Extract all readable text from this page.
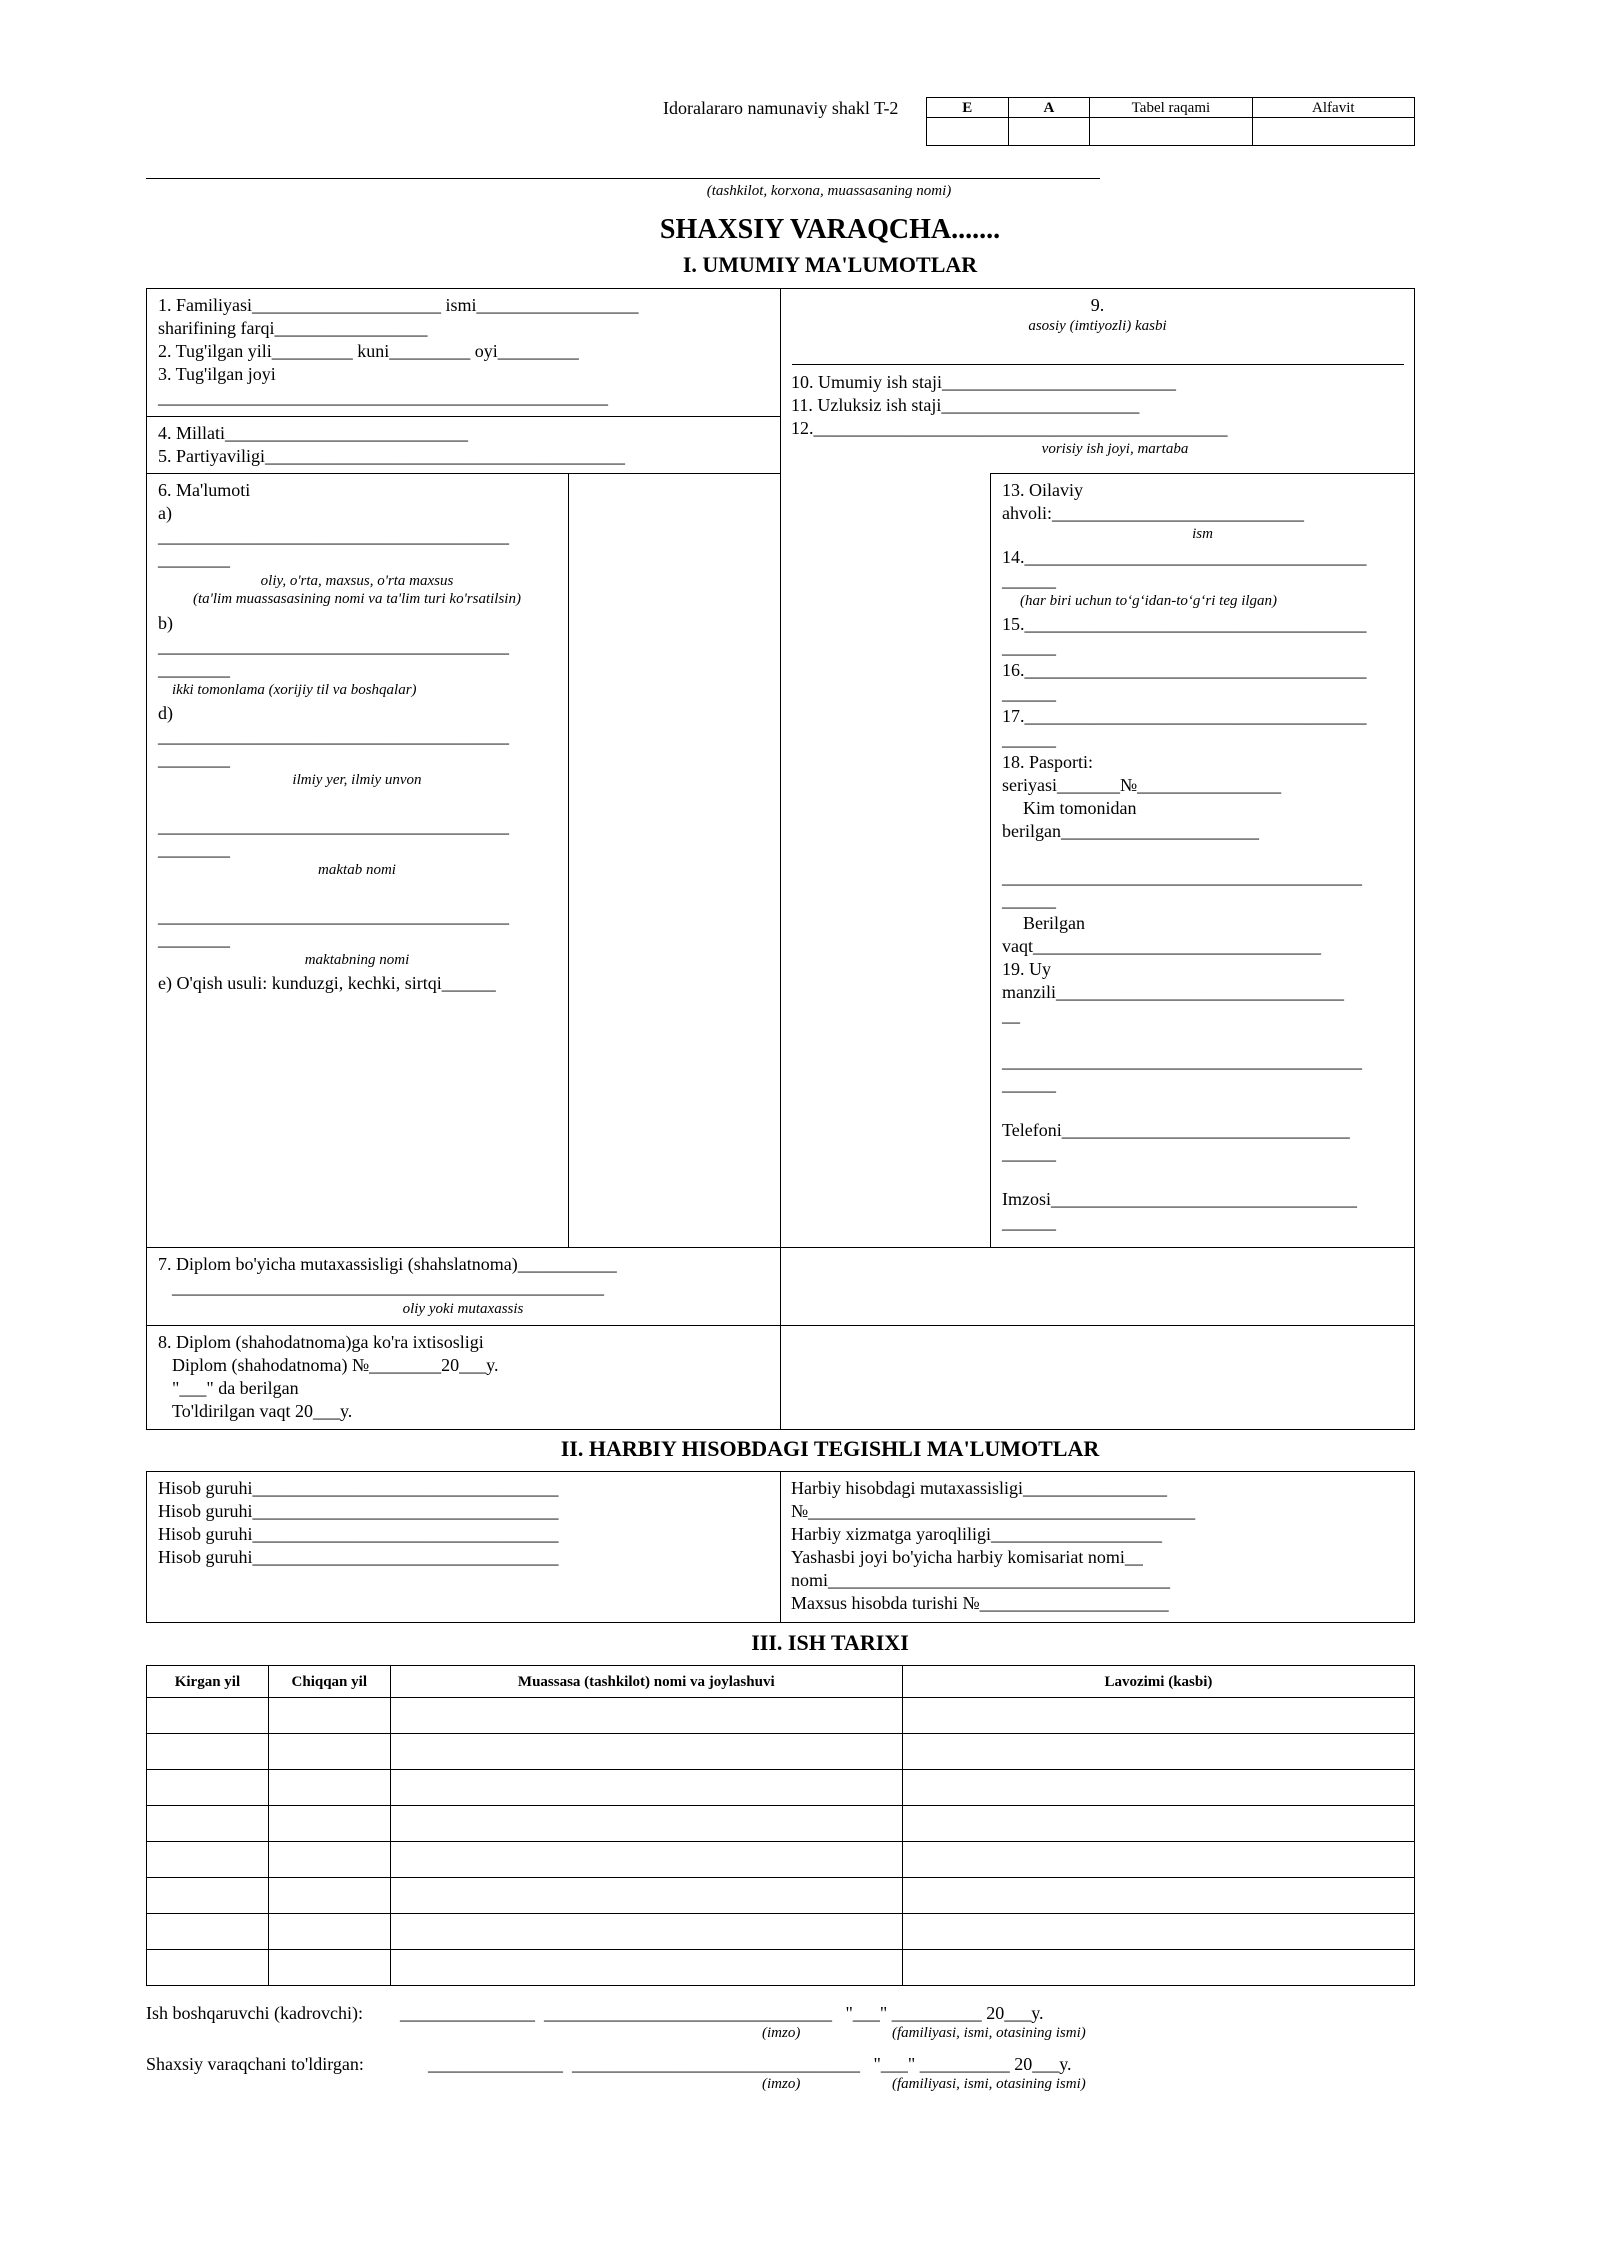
Idoralararo namunaviy shakl T-2	E	A	Tabel raqami	Alfavit

(tashkilot, korxona, muassasaning nomi)
SHAXSIY VARAQCHA.......
I. UMUMIY MA'LUMOTLAR
1. Familiyasi_____________________ ismi__________________
sharifining farqi_________________
2. Tug'ilgan yili_________ kuni_________ oyi_________
3. Tug'ilgan joyi
__________________________________________________
4. Millati___________________________
5. Partiyaviligi________________________________________
6. Ma'lumoti
a)
_______________________________________
________
oliy, o'rta, maxsus, o'rta maxsus
(ta'lim muassasasining nomi va ta'lim turi ko'rsatilsin)
b)
_______________________________________
________
ikki tomonlama (xorijiy til va boshqalar)
d)
_______________________________________
________
ilmiy yer, ilmiy unvon
_______________________________________
________
maktab nomi
_______________________________________
________
maktabning nomi
e) O'qish usuli: kunduzgi, kechki, sirtqi______
9.
asosiy (imtiyozli) kasbi
10. Umumiy ish staji__________________________
11. Uzluksiz ish staji______________________
12.______________________________________________
vorisiy ish joyi, martaba
13. Oilaviy
ahvoli:____________________________
ism
14.______________________________________
______
(har biri uchun to‘g‘idan-to‘g‘ri teg ilgan)
15.______________________________________
______
16.______________________________________
______
17.______________________________________
______
18. Pasporti:
seriyasi_______№________________
Kim tomonidan
berilgan______________________
________________________________________
______
Berilgan
vaqt________________________________
19. Uy
manzili________________________________
__
________________________________________
______
Telefoni________________________________
______
Imzosi__________________________________
______
7. Diplom bo'yicha mutaxassisligi (shahslatnoma)___________
________________________________________________
oliy yoki mutaxassis
8. Diplom (shahodatnoma)ga ko'ra ixtisosligi
Diplom (shahodatnoma) №________20___y.
"___" da berilgan
To'ldirilgan vaqt 20___y.
II. HARBIY HISOBDAGI TEGISHLI MA'LUMOTLAR
Hisob guruhi__________________________________
Hisob guruhi__________________________________
Hisob guruhi__________________________________
Hisob guruhi__________________________________
Harbiy hisobdagi mutaxassisligi________________
№___________________________________________
Harbiy xizmatga yaroqliligi___________________
Yashasbi joyi bo'yicha harbiy komisariat nomi__
nomi______________________________________
Maxsus hisobda turishi №_____________________
III. ISH TARIXI
Kirgan yil	Chiqqan yil	Muassasa (tashkilot) nomi va joylashuvi	Lavozimi (kasbi)

Ish boshqaruvchi (kadrovchi): _______________  ________________________________   "___" __________ 20___y.
(imzo)	(familiyasi, ismi, otasining ismi)
Shaxsiy varaqchani to'ldirgan:	_______________  ________________________________   "___" __________ 20___y.
(imzo)	(familiyasi, ismi, otasining ismi)
